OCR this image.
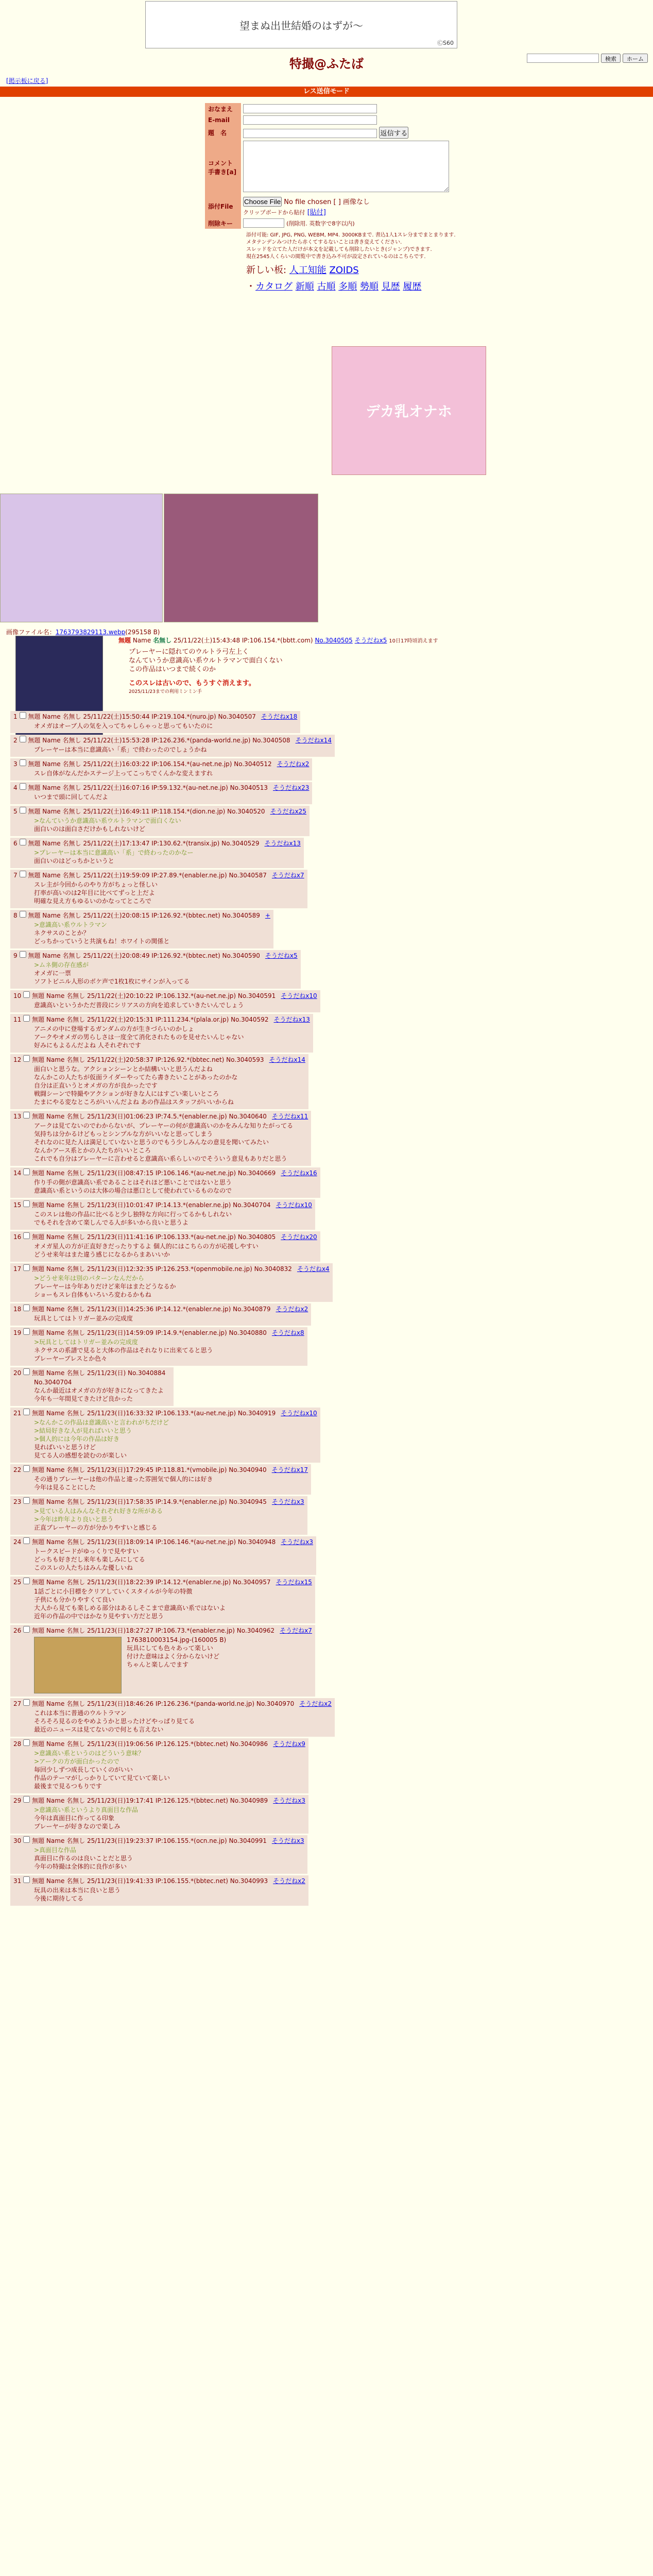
望まぬ出世結婚のはずが〜
ⒸS60
特撮@ふたば	検索	ホーム
[掲示板に戻る]
レス送信モード
おなまえ	
E-mail	
題　名	返信する

コメント
手書き[a]

添付File	Choose File No file chosen [ ] 画像なし
クリップボードから貼付 [貼付]
削除キー	(削除用. 英数字で8字以内)
添付可能: GIF, JPG, PNG, WEBM, MP4. 3000KBまで. 書込1人1スレ分までまとまります.
メタテンデンみつけたら赤くてするないことは書き変えてください.
スレッドを立てた人だけが本文を記載しても削除したいとき(ジャンプ)できます.
現在2545人くらいの閲覧中で書き込み不可が設定されているのはこちらです.
新しい板: 人工知能 ZOIDS
・カタログ 新順 古順 多順 勢順 見歴 履歴
デカ乳オナホ
画像ファイル名：1763793829113.webp(295158 B)
無題 Name 名無し 25/11/22(土)15:43:48 IP:106.154.*(bbtt.com) No.3040505 そうだねx5 10日17時頃消えます
プレーヤーに隠れてのウルトラ弓左上く
なんていうか意識高い系ウルトラマンで面白くない
この作品はいつまで続くのか
このスレは古いので、もうすぐ消えます。
2025/11/23までの利用ミンミン手
1 無題 Name 名無し 25/11/22(土)15:50:44 IP:219.104.*(nuro.jp) No.3040507 そうだねx18
オメガはオーブ人の気を入ってちゃしらゃっと思ってもいたのに
2 無題 Name 名無し 25/11/22(土)15:53:28 IP:126.236.*(panda-world.ne.jp) No.3040508 そうだねx14
プレーヤーは本当に意識高い「系」で終わったのでしょうかね
3 無題 Name 名無し 25/11/22(土)16:03:22 IP:106.154.*(au-net.ne.jp) No.3040512 そうだねx2
スレ自体がなんだかステージ上ってこっちでくんかな変えますれ
4 無題 Name 名無し 25/11/22(土)16:07:16 IP:59.132.*(au-net.ne.jp) No.3040513 そうだねx23
いつまで頭に回してんだよ
5 無題 Name 名無し 25/11/22(土)16:49:11 IP:118.154.*(dion.ne.jp) No.3040520 そうだねx25
>なんていうか意識高い系ウルトラマンで面白くない
面白いのは面白さだけかもしれないけど
6 無題 Name 名無し 25/11/22(土)17:13:47 IP:130.62.*(transix.jp) No.3040529 そうだねx13
>プレーヤーは本当に意識高い「系」で終わったのかなー
面白いのはどっちかというと
7 無題 Name 名無し 25/11/22(土)19:59:09 IP:27.89.*(enabler.ne.jp) No.3040587 そうだねx7
スレ主が今回からのやり方がちょっと怪しい
打率が高いのは2年目に比べてずっと上だよ
明確な見え方もゆるいのかなってところで
8 無題 Name 名無し 25/11/22(土)20:08:15 IP:126.92.*(bbtec.net) No.3040589 +
>意識高い系ウルトラマン
ネクサスのことか？
どっちかっていうと共演もね！ホワイトの関係と
9 無題 Name 名無し 25/11/22(土)20:08:49 IP:126.92.*(bbtec.net) No.3040590 そうだねx5
>ムネ側の存在感が
オメガに一票
ソフトビニル人形のボケ声で1枚1枚にサインが入ってる
10 無題 Name 名無し 25/11/22(土)20:10:22 IP:106.132.*(au-net.ne.jp) No.3040591 そうだねx10
意識高いというかただ普段にシリアスの方向を追求していきたいんでしょう
11 無題 Name 名無し 25/11/22(土)20:15:31 IP:111.234.*(plala.or.jp) No.3040592 そうだねx13
アニメの中に登場するガンダムの方が生きづらいのかしょ
アークやオメガの男らしさは一度全て消化されたものを見せたいんじゃない
好みにもよるんだよね 人それぞれです
12 無題 Name 名無し 25/11/22(土)20:58:37 IP:126.92.*(bbtec.net) No.3040593 そうだねx14
面白いと思うな。アクションシーンとか結構いいと思うんだよね
なんかこの人たちが仮面ライダーやってたら書きたいことがあったのかな
自分は正直いうとオメガの方が良かったです
戦闘シーンで特撮やアクションが好きな人にはすごい楽しいところ
たまにやる変なところがいいんだよね あの作品はスタッフがいいからね
13 無題 Name 名無し 25/11/23(日)01:06:23 IP:74.5.*(enabler.ne.jp) No.3040640 そうだねx11
アークは見てないのでわからないが、プレーヤーの何が意識高いのかをみんな知りたがってる
気持ちは分かるけどもっとシンプルな方がいいなと思ってしまう
それなのに見た人は満足していないと思うのでもう少しみんなの意見を聞いてみたい
なんかアース系とかの人たちがいいところ
これでも自分はブレーヤーに言わせると意識高い系らしいのでそういう意見もありだと思う
14 無題 Name 名無し 25/11/23(日)08:47:15 IP:106.146.*(au-net.ne.jp) No.3040669 そうだねx16
作り手の側が意識高い系であることはそれほど悪いことではないと思う
意識高い系というのは大体の場合は悪口として使われているものなので
15 無題 Name 名無し 25/11/23(日)10:01:47 IP:14.13.*(enabler.ne.jp) No.3040704 そうだねx10
このスレは他の作品に比べると少し独特な方向に行ってるかもしれない
でもそれを含めて楽しんでる人が多いから良いと思うよ
16 無題 Name 名無し 25/11/23(日)11:41:16 IP:106.133.*(au-net.ne.jp) No.3040805 そうだねx20
オメガ星人の方が正直好きだったりするよ 個人的にはこちらの方が応援しやすい
どうせ来年はまた違う感じになるからまあいいか
17 無題 Name 名無し 25/11/23(日)12:32:35 IP:126.253.*(openmobile.ne.jp) No.3040832 そうだねx4
>どうせ来年は別のパターンなんだから
プレーヤーは今年ありだけど来年はまたどうなるか
ショーもスレ自体もいろいろ変わるかもね
18 無題 Name 名無し 25/11/23(日)14:25:36 IP:14.12.*(enabler.ne.jp) No.3040879 そうだねx2
玩具としてはトリガー並みの完成度
19 無題 Name 名無し 25/11/23(日)14:59:09 IP:14.9.*(enabler.ne.jp) No.3040880 そうだねx8
>玩具としてはトリガー並みの完成度
ネクサスの系譜で見ると大体の作品はそれなりに出来てると思う
プレーヤープレスとか色々
20 無題 Name 名無し 25/11/23(日) No.3040884
No.3040704
なんか最近はオメガの方が好きになってきたよ
今年も一年間見てきたけど良かった
21 無題 Name 名無し 25/11/23(日)16:33:32 IP:106.133.*(au-net.ne.jp) No.3040919 そうだねx10
>なんかこの作品は意識高いと言われがちだけど
>結局好きな人が見ればいいと思う
>個人的には今年の作品は好き
見ればいいと思うけど
見てる人の感想を読むのが楽しい
22 無題 Name 名無し 25/11/23(日)17:29:45 IP:118.81.*(vmobile.jp) No.3040940 そうだねx17
その通りプレーヤーは他の作品と違った雰囲気で個人的には好き
今年は見ることにした
23 無題 Name 名無し 25/11/23(日)17:58:35 IP:14.9.*(enabler.ne.jp) No.3040945 そうだねx3
>見ている人はみんなそれぞれ好きな所がある
>今年は昨年より良いと思う
正直ブレーヤーの方が分かりやすいと感じる
24 無題 Name 名無し 25/11/23(日)18:09:14 IP:106.146.*(au-net.ne.jp) No.3040948 そうだねx3
トークスピードがゆっくりで見やすい
どっちも好きだし来年も楽しみにしてる
このスレの人たちはみんな優しいね
25 無題 Name 名無し 25/11/23(日)18:22:39 IP:14.12.*(enabler.ne.jp) No.3040957 そうだねx15
1話ごとに小目標をクリアしていくスタイルが今年の特徴
子供にも分かりやすくて良い
大人から見ても楽しめる部分はあるしそこまで意識高い系ではないよ
近年の作品の中ではかなり見やすい方だと思う
26 無題 Name 名無し 25/11/23(日)18:27:27 IP:106.73.*(enabler.ne.jp) No.3040962 そうだねx7
1763810003154.jpg-(160005 B)
玩具にしても色々あって楽しい
付けた意味はよく分からないけど
ちゃんと楽しんでます
27 無題 Name 名無し 25/11/23(日)18:46:26 IP:126.236.*(panda-world.ne.jp) No.3040970 そうだねx2
これは本当に普通のウルトラマン
そろそろ見るのをやめようかと思ったけどやっぱり見てる
最近のニュースは見てないので何とも言えない
28 無題 Name 名無し 25/11/23(日)19:06:56 IP:126.125.*(bbtec.net) No.3040986 そうだねx9
>意識高い系というのはどういう意味？
>アークの方が面白かったので
毎回少しずつ成長していくのがいい
作品のテーマがしっかりしていて見ていて楽しい
最後まで見るつもりです
29 無題 Name 名無し 25/11/23(日)19:17:41 IP:126.125.*(bbtec.net) No.3040989 そうだねx3
>意識高い系というより真面目な作品
今年は真面目に作ってる印象
プレーヤーが好きなので楽しみ
30 無題 Name 名無し 25/11/23(日)19:23:37 IP:106.155.*(ocn.ne.jp) No.3040991 そうだねx3
>真面目な作品
真面目に作るのは良いことだと思う
今年の特撮は全体的に良作が多い
31 無題 Name 名無し 25/11/23(日)19:41:33 IP:106.155.*(bbtec.net) No.3040993 そうだねx2
玩具の出来は本当に良いと思う
今後に期待してる
